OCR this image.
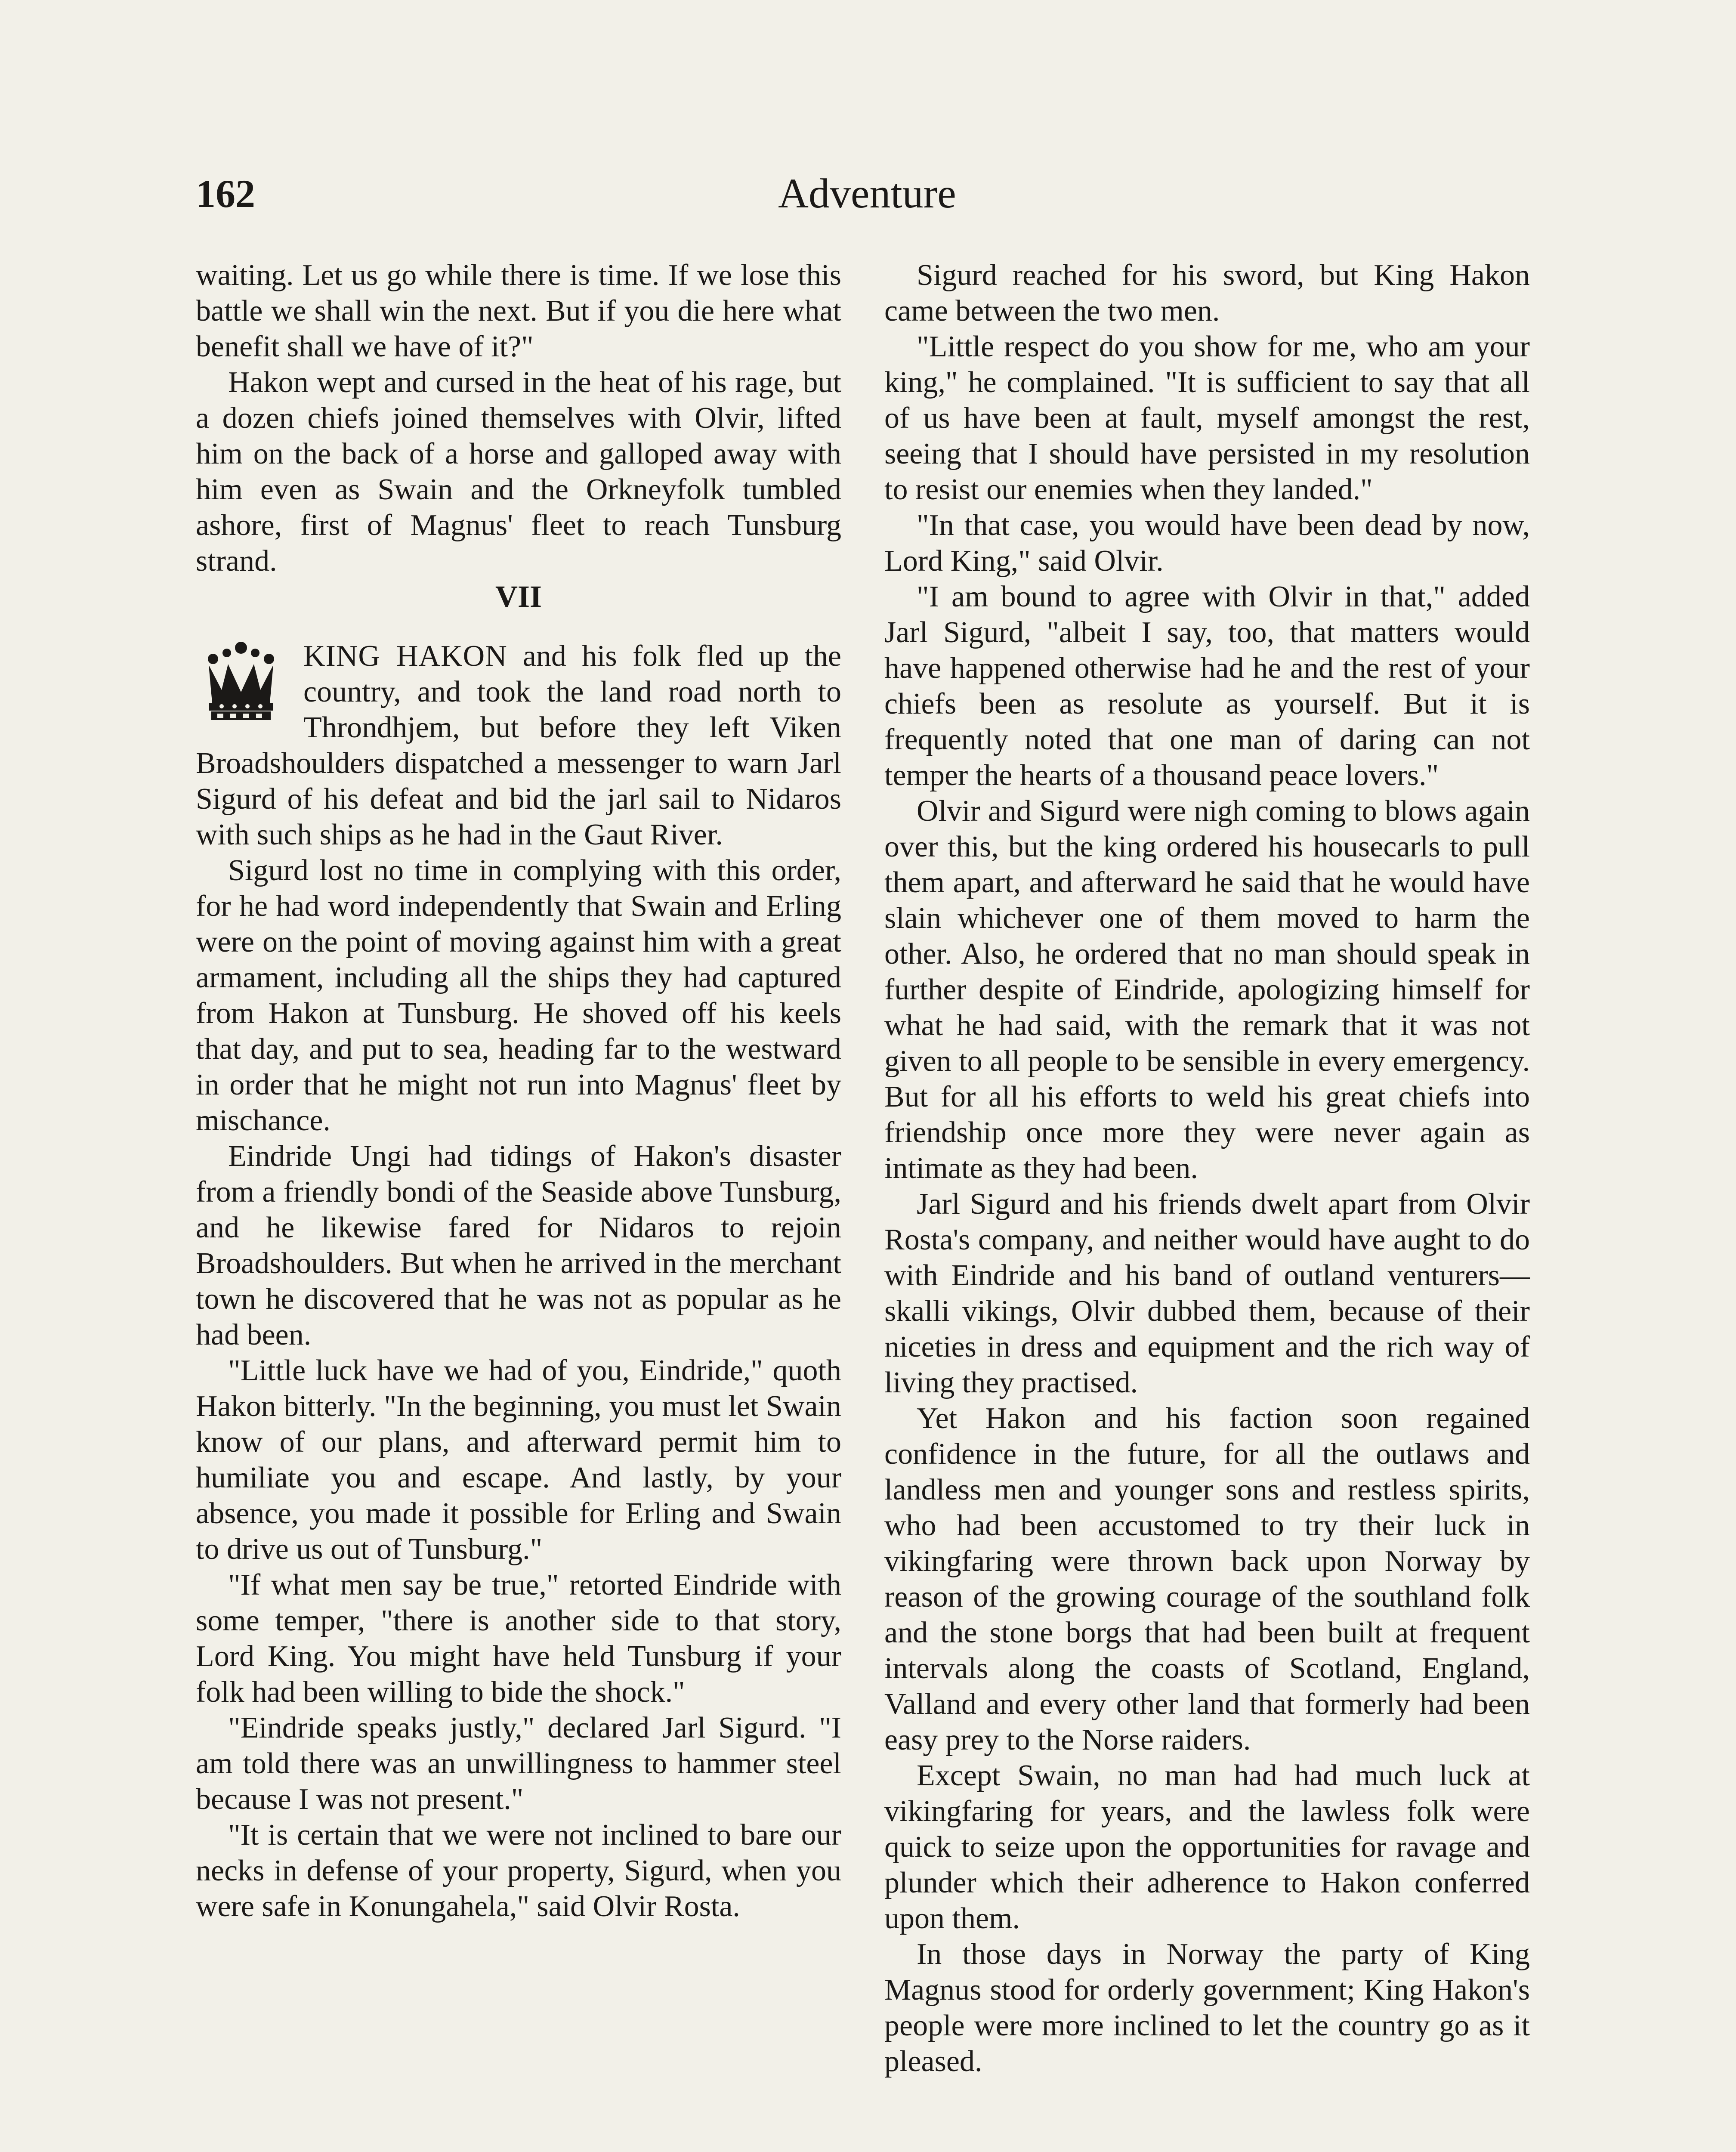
162	Adventure

waiting. Let us go while there is time. If we lose this battle we shall win the next. But if you die here what benefit shall we have of it?"

Hakon wept and cursed in the heat of his rage, but a dozen chiefs joined themselves with Olvir, lifted him on the back of a horse and galloped away with him even as Swain and the Orkneyfolk tumbled ashore, first of Magnus' fleet to reach Tunsburg strand.

VII

KING HAKON and his folk fled up the country, and took the land road north to Throndhjem, but before they left Viken Broadshoulders dispatched a messenger to warn Jarl Sigurd of his defeat and bid the jarl sail to Nidaros with such ships as he had in the Gaut River.

Sigurd lost no time in complying with this order, for he had word independently that Swain and Erling were on the point of moving against him with a great armament, including all the ships they had captured from Hakon at Tunsburg. He shoved off his keels that day, and put to sea, heading far to the westward in order that he might not run into Magnus' fleet by mischance.

Eindride Ungi had tidings of Hakon's disaster from a friendly bondi of the Seaside above Tunsburg, and he likewise fared for Nidaros to rejoin Broadshoulders. But when he arrived in the merchant town he discovered that he was not as popular as he had been.

"Little luck have we had of you, Eindride," quoth Hakon bitterly. "In the beginning, you must let Swain know of our plans, and afterward permit him to humiliate you and escape. And lastly, by your absence, you made it possible for Erling and Swain to drive us out of Tunsburg."

"If what men say be true," retorted Eindride with some temper, "there is another side to that story, Lord King. You might have held Tunsburg if your folk had been willing to bide the shock."

"Eindride speaks justly," declared Jarl Sigurd. "I am told there was an unwillingness to hammer steel because I was not present."

"It is certain that we were not inclined to bare our necks in defense of your property, Sigurd, when you were safe in Konungahela," said Olvir Rosta.

Sigurd reached for his sword, but King Hakon came between the two men.

"Little respect do you show for me, who am your king," he complained. "It is sufficient to say that all of us have been at fault, myself amongst the rest, seeing that I should have persisted in my resolution to resist our enemies when they landed."

"In that case, you would have been dead by now, Lord King," said Olvir.

"I am bound to agree with Olvir in that," added Jarl Sigurd, "albeit I say, too, that matters would have happened otherwise had he and the rest of your chiefs been as resolute as yourself. But it is frequently noted that one man of daring can not temper the hearts of a thousand peace lovers."

Olvir and Sigurd were nigh coming to blows again over this, but the king ordered his housecarls to pull them apart, and afterward he said that he would have slain whichever one of them moved to harm the other. Also, he ordered that no man should speak in further despite of Eindride, apologizing himself for what he had said, with the remark that it was not given to all people to be sensible in every emergency. But for all his efforts to weld his great chiefs into friendship once more they were never again as intimate as they had been.

Jarl Sigurd and his friends dwelt apart from Olvir Rosta's company, and neither would have aught to do with Eindride and his band of outland venturers—skalli vikings, Olvir dubbed them, because of their niceties in dress and equipment and the rich way of living they practised.

Yet Hakon and his faction soon regained confidence in the future, for all the outlaws and landless men and younger sons and restless spirits, who had been accustomed to try their luck in vikingfaring were thrown back upon Norway by reason of the growing courage of the southland folk and the stone borgs that had been built at frequent intervals along the coasts of Scotland, England, Valland and every other land that formerly had been easy prey to the Norse raiders.

Except Swain, no man had had much luck at vikingfaring for years, and the lawless folk were quick to seize upon the opportunities for ravage and plunder which their adherence to Hakon conferred upon them.

In those days in Norway the party of King Magnus stood for orderly government; King Hakon's people were more inclined to let the country go as it pleased.
